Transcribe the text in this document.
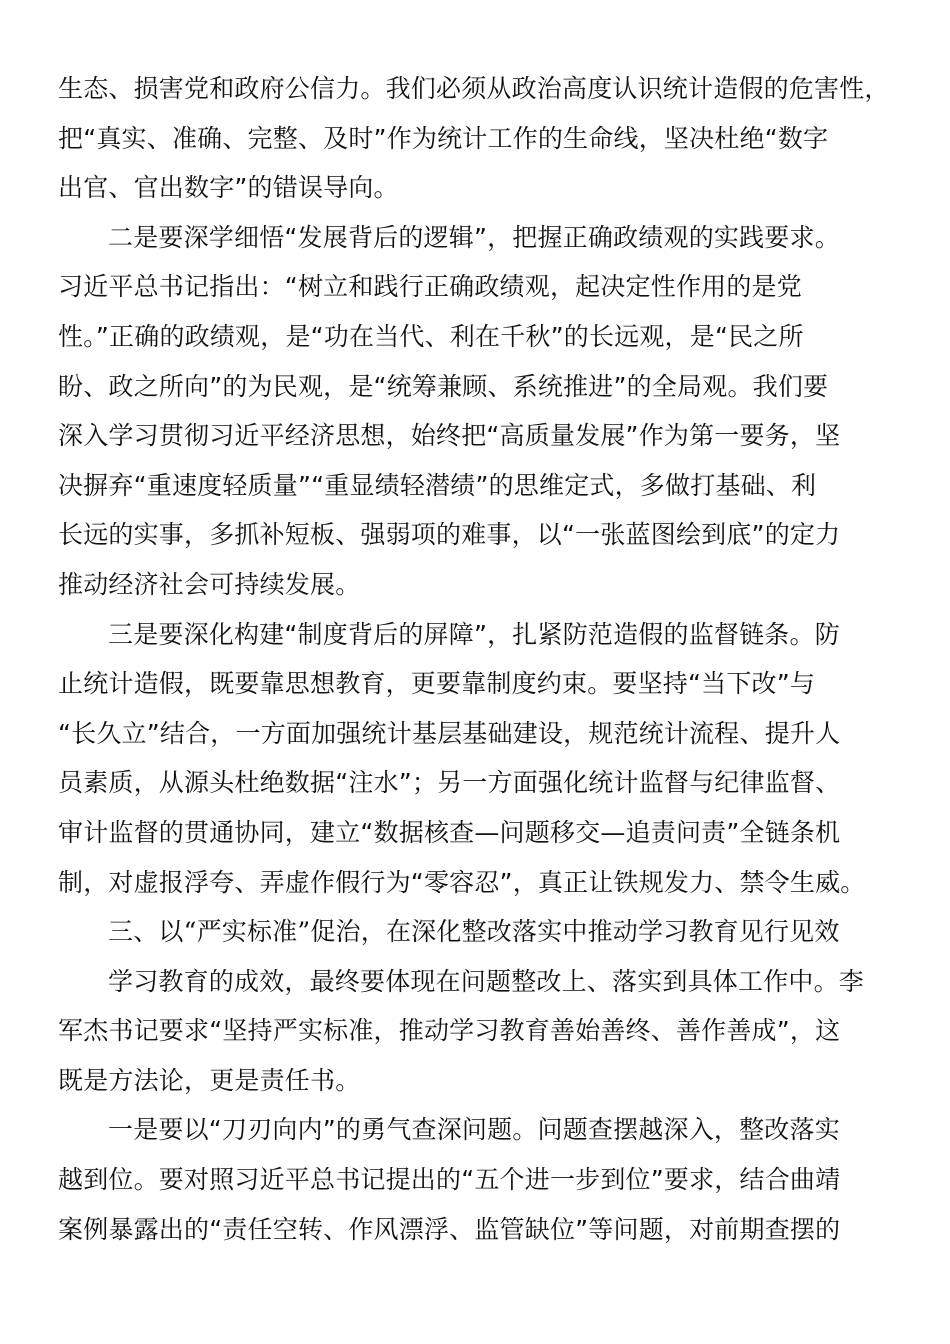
生态、损害党和政府公信力。我们必须从政治高度认识统计造假的危害性，
把“真实、准确、完整、及时”作为统计工作的生命线，坚决杜绝“数字
出官、官出数字”的错误导向。
二是要深学细悟“发展背后的逻辑”，把握正确政绩观的实践要求。
习近平总书记指出：“树立和践行正确政绩观，起决定性作用的是党
性。”正确的政绩观，是“功在当代、利在千秋”的长远观，是“民之所
盼、政之所向”的为民观，是“统筹兼顾、系统推进”的全局观。我们要
深入学习贯彻习近平经济思想，始终把“高质量发展”作为第一要务，坚
决摒弃“重速度轻质量”“重显绩轻潜绩”的思维定式，多做打基础、利
长远的实事，多抓补短板、强弱项的难事，以“一张蓝图绘到底”的定力
推动经济社会可持续发展。
三是要深化构建“制度背后的屏障”，扎紧防范造假的监督链条。防
止统计造假，既要靠思想教育，更要靠制度约束。要坚持“当下改”与
“长久立”结合，一方面加强统计基层基础建设，规范统计流程、提升人
员素质，从源头杜绝数据“注水”；另一方面强化统计监督与纪律监督、
审计监督的贯通协同，建立“数据核查—问题移交—追责问责”全链条机
制，对虚报浮夸、弄虚作假行为“零容忍”，真正让铁规发力、禁令生威。
三、以“严实标准”促治，在深化整改落实中推动学习教育见行见效
学习教育的成效，最终要体现在问题整改上、落实到具体工作中。李
军杰书记要求“坚持严实标准，推动学习教育善始善终、善作善成”，这
既是方法论，更是责任书。
一是要以“刀刃向内”的勇气查深问题。问题查摆越深入，整改落实
越到位。要对照习近平总书记提出的“五个进一步到位”要求，结合曲靖
案例暴露出的“责任空转、作风漂浮、监管缺位”等问题，对前期查摆的
